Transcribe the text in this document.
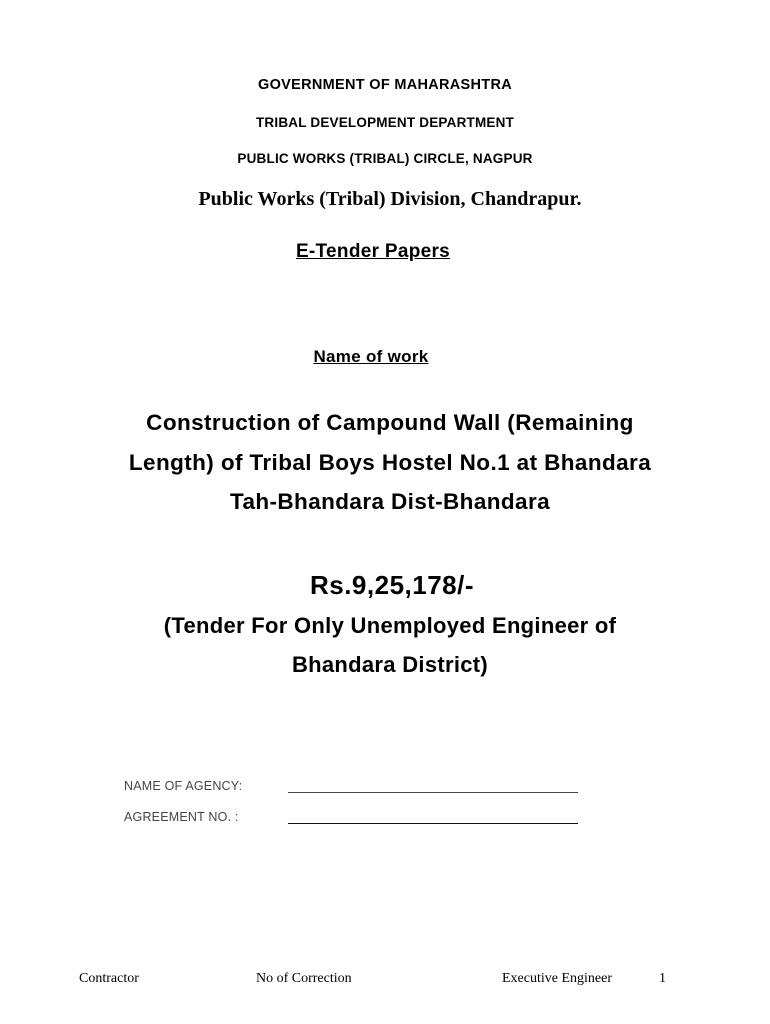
GOVERNMENT OF MAHARASHTRA
TRIBAL DEVELOPMENT DEPARTMENT
PUBLIC WORKS (TRIBAL) CIRCLE, NAGPUR
Public Works (Tribal) Division, Chandrapur.
E-Tender Papers
Name of work
Construction of Campound Wall (Remaining
Length) of Tribal Boys Hostel No.1 at Bhandara
Tah-Bhandara Dist-Bhandara
Rs.9,25,178/-
(Tender For Only Unemployed Engineer of
Bhandara District)
NAME OF AGENCY:
AGREEMENT NO. :
Contractor	No of Correction	Executive Engineer	1
